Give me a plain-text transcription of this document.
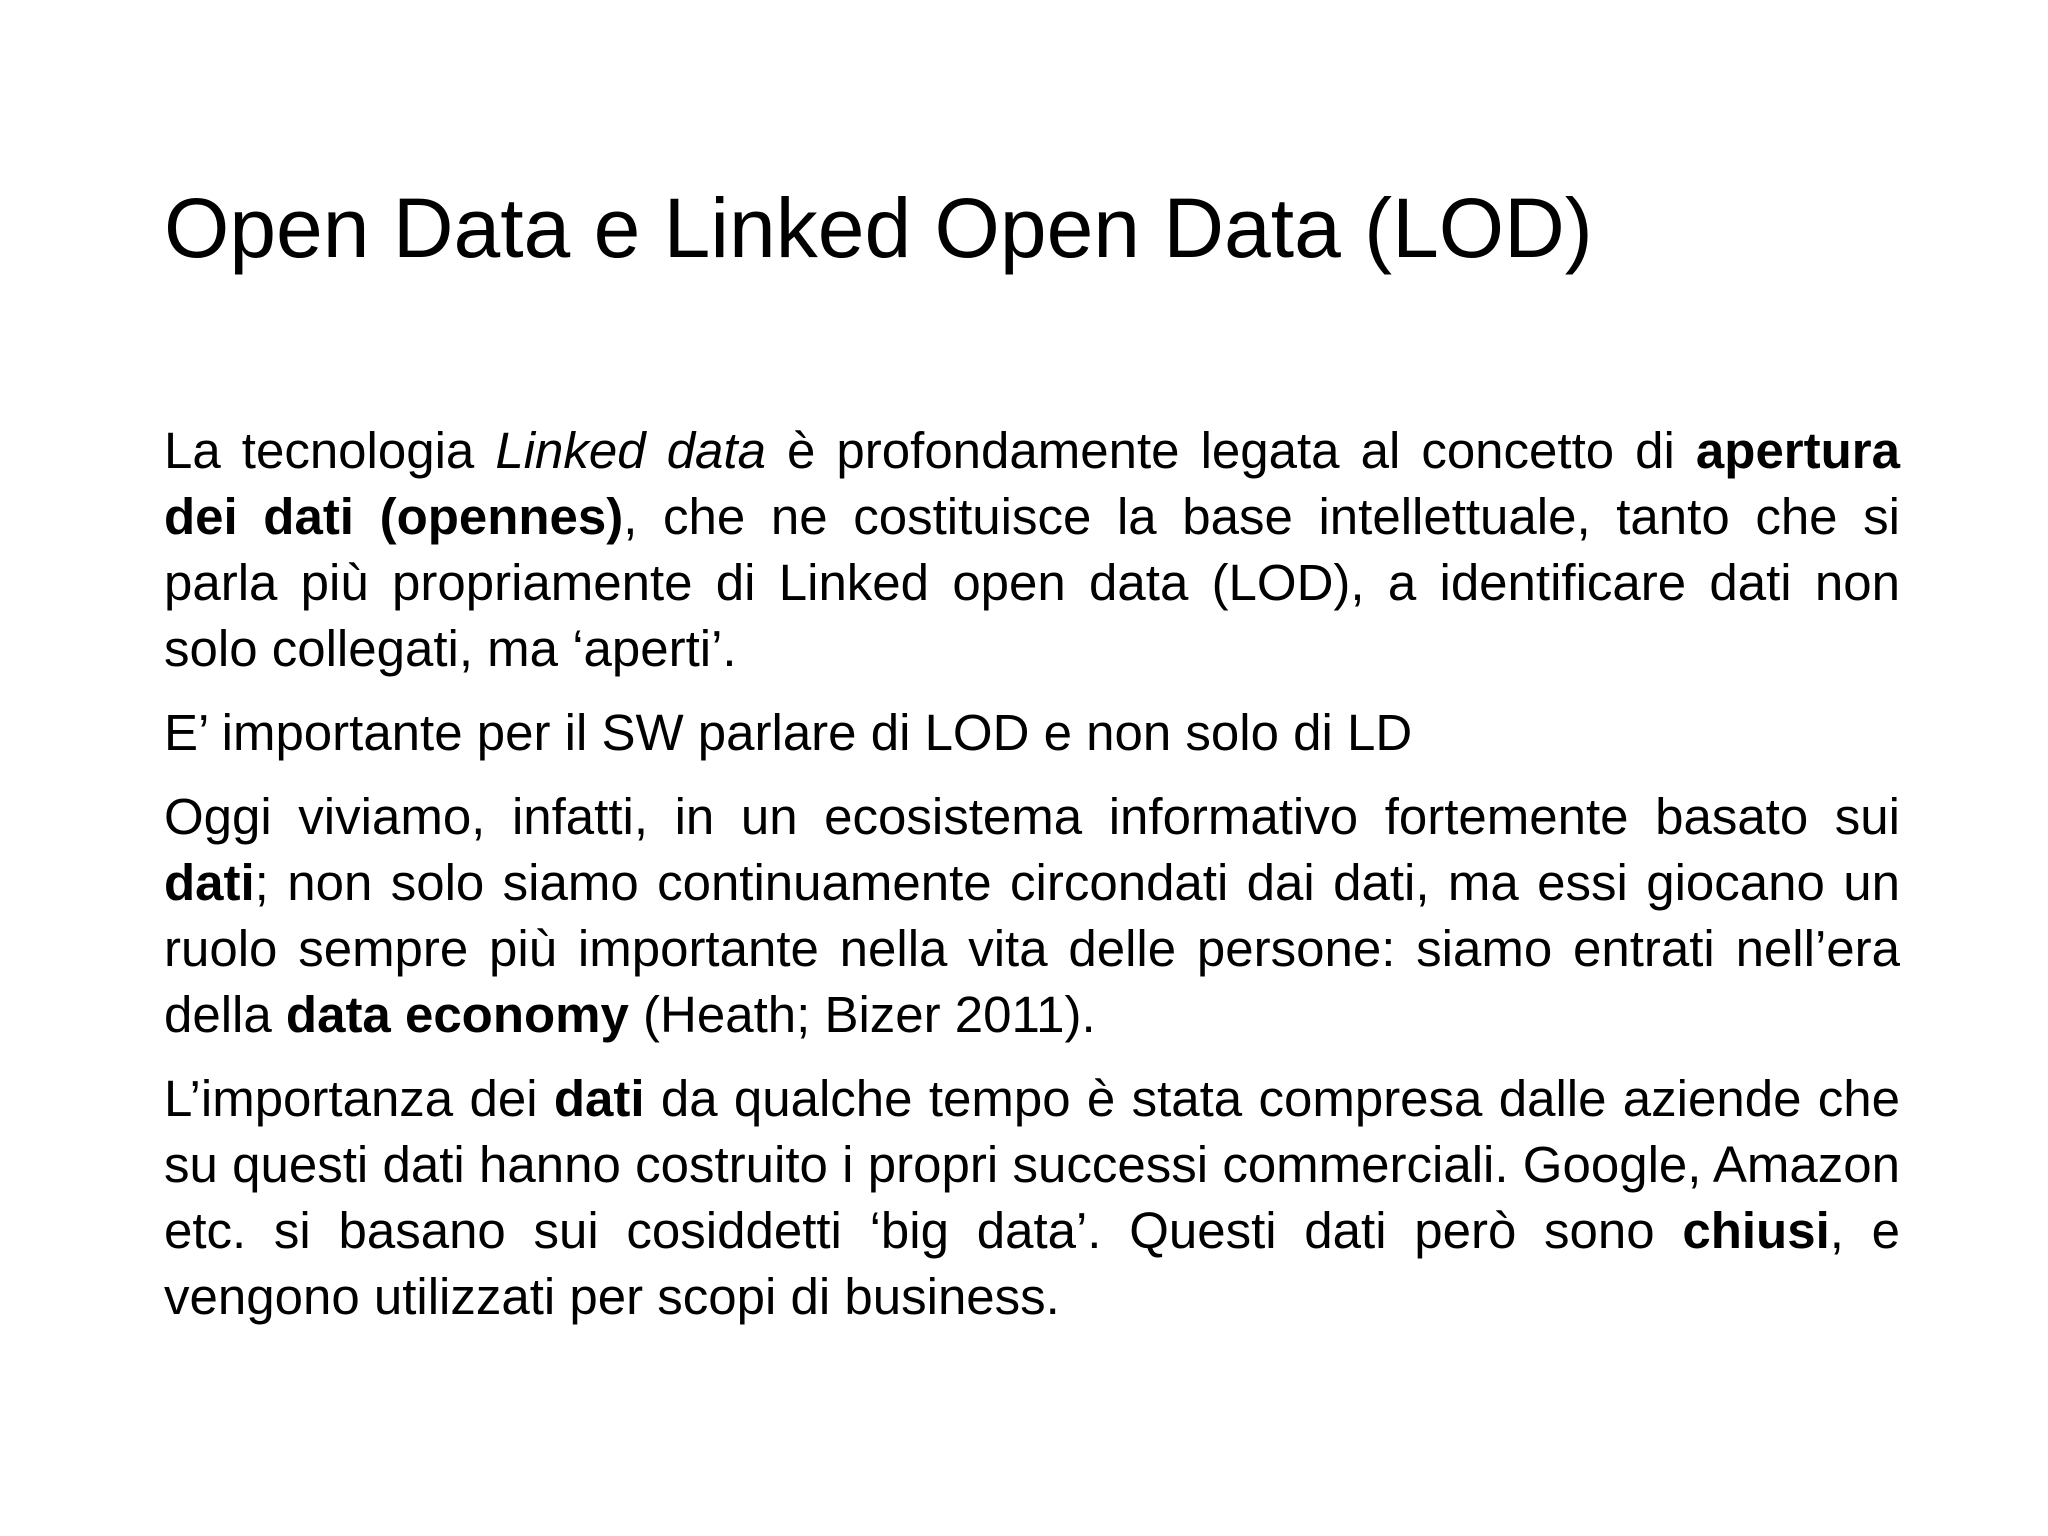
Open Data e Linked Open Data (LOD)

La tecnologia Linked data è profondamente legata al concetto di apertura dei dati (opennes), che ne costituisce la base intellettuale, tanto che si parla più propriamente di Linked open data (LOD), a identificare dati non solo collegati, ma ‘aperti’.

E’ importante per il SW parlare di LOD e non solo di LD

Oggi viviamo, infatti, in un ecosistema informativo fortemente basato sui dati; non solo siamo continuamente circondati dai dati, ma essi giocano un ruolo sempre più importante nella vita delle persone: siamo entrati nell’era della data economy (Heath; Bizer 2011).

L’importanza dei dati da qualche tempo è stata compresa dalle aziende che su questi dati hanno costruito i propri successi commerciali. Google, Amazon etc. si basano sui cosiddetti ‘big data’. Questi dati però sono chiusi, e vengono utilizzati per scopi di business.
